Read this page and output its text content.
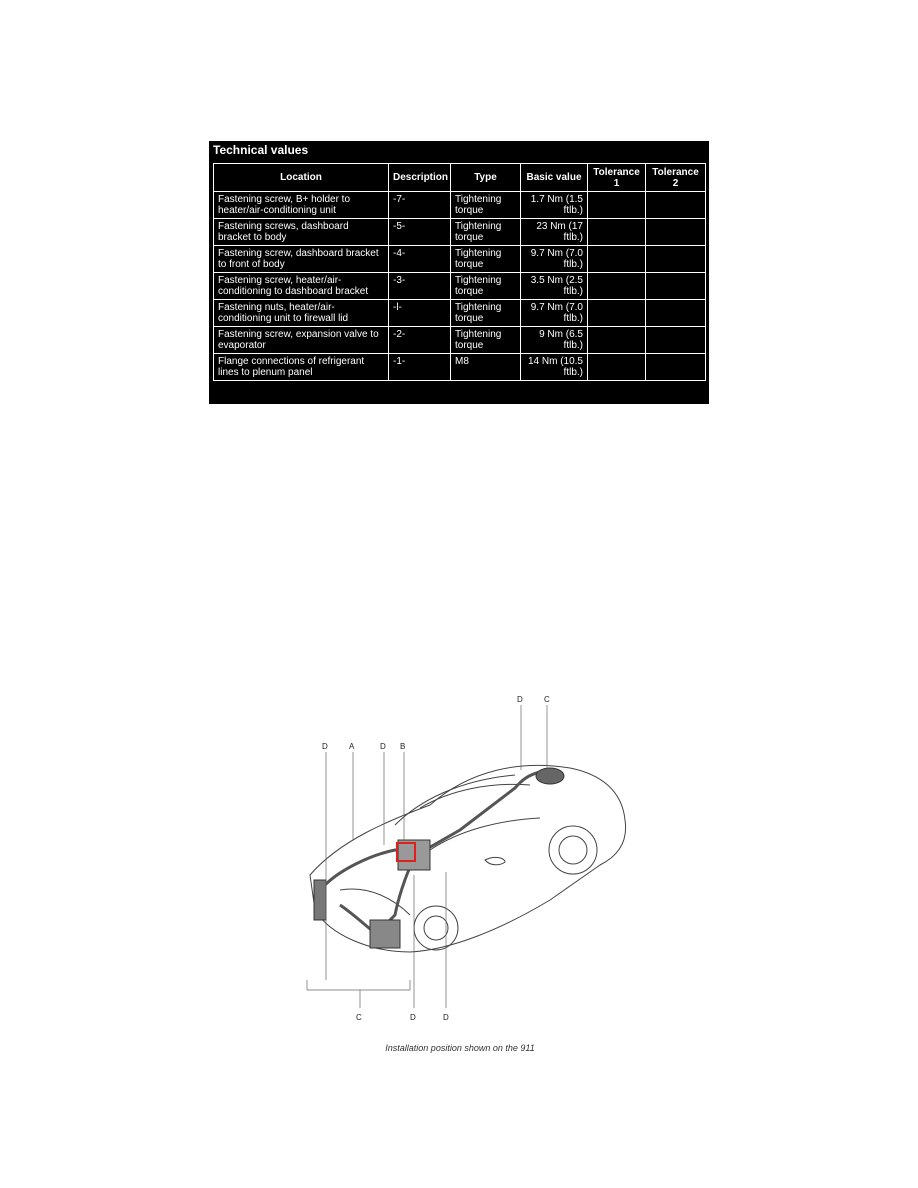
Technical values
Location	Description	Type	Basic value	Tolerance 1	Tolerance 2
Fastening screw, B+ holder to heater/air-conditioning unit	-7-	Tightening torque	1.7 Nm (1.5 ftlb.)		
Fastening screws, dashboard bracket to body	-5-	Tightening torque	23 Nm (17 ftlb.)		
Fastening screw, dashboard bracket to front of body	-4-	Tightening torque	9.7 Nm (7.0 ftlb.)		
Fastening screw, heater/air-conditioning to dashboard bracket	-3-	Tightening torque	3.5 Nm (2.5 ftlb.)		
Fastening nuts, heater/air-conditioning unit to firewall lid	-l-	Tightening torque	9.7 Nm (7.0 ftlb.)		
Fastening screw, expansion valve to evaporator	-2-	Tightening torque	9 Nm (6.5 ftlb.)		
Flange connections of refrigerant lines to plenum panel	-1-	M8	14 Nm (10.5 ftlb.)		
D	C
D	A	D B
C	D	D
Installation position shown on the 911
